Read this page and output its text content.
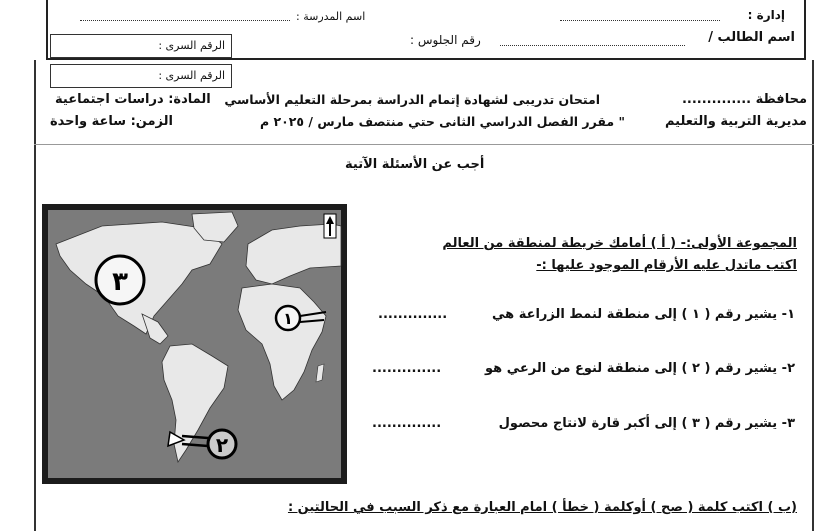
إدارة :
اسم المدرسة :
اسم الطالب /
رقم الجلوس :
الرقم السرى :
الرقم السرى :
محافظة ..............
امتحان تدريبى لشهادة إتمام الدراسة بمرحلة التعليم الأساسي
المادة: دراسات اجتماعية
مديرية التربية والتعليم
" مقرر الفصل الدراسي الثانى حتي منتصف مارس / ٢٠٢٥ م
الزمن: ساعة واحدة
أجب عن الأسئلة الآتية
٣
١
٢
المجموعة الأولى:- ( أ ) أمامك خريطة لمنطقة من العالم
اكتب ماتدل عليه الأرقام الموجود عليها :-
١- يشير رقم ( ١ ) إلى منطقة لنمط الزراعة هي
..............
٢- يشير رقم ( ٢ ) إلى منطقة لنوع من الرعي هو
..............
٣- يشير رقم ( ٣ ) إلى أكبر قارة لانتاج محصول
..............
(ب ) اكتب كلمة ( صح ) أوكلمة ( خطأ ) امام العبارة مع ذكر السبب في الحالتين :
